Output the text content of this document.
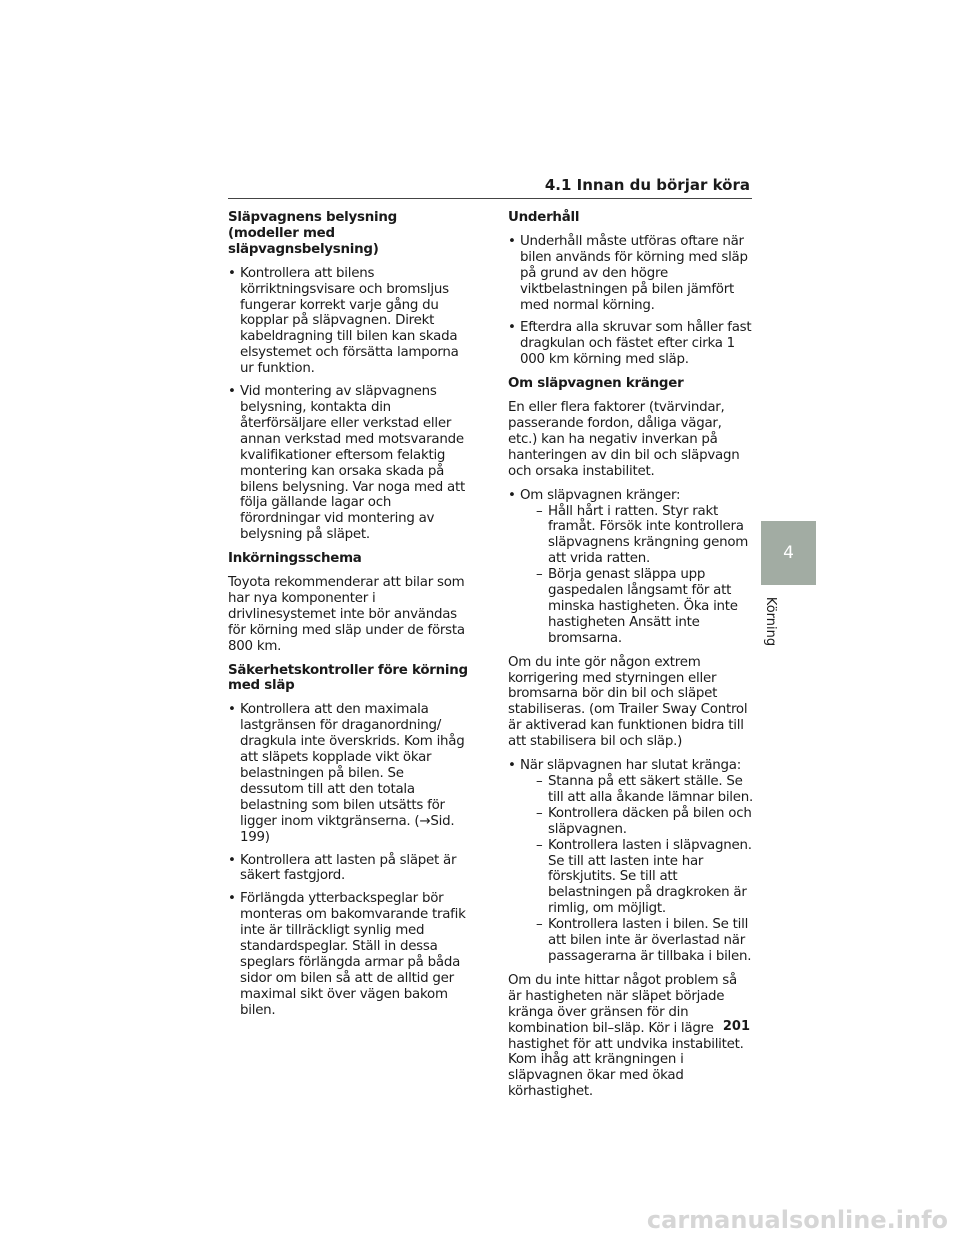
4.1 Innan du börjar köra
Släpvagnens belysning (modeller med släpvagnsbelysning)
• Kontrollera att bilens körriktningsvisare och bromsljus fungerar korrekt varje gång du kopplar på släpvagnen. Direkt kabeldragning till bilen kan skada elsystemet och försätta lamporna ur funktion.
• Vid montering av släpvagnens belysning, kontakta din återförsäljare eller verkstad eller annan verkstad med motsvarande kvalifikationer eftersom felaktig montering kan orsaka skada på bilens belysning. Var noga med att följa gällande lagar och förordningar vid montering av belysning på släpet.
Inkörningsschema

Toyota rekommenderar att bilar som har nya komponenter i drivlinesystemet inte bör användas för körning med släp under de första 800 km.

Säkerhetskontroller före körning med släp
• Kontrollera att den maximala lastgränsen för draganordning/ dragkula inte överskrids. Kom ihåg att släpets kopplade vikt ökar belastningen på bilen. Se dessutom till att den totala belastning som bilen utsätts för ligger inom viktgränserna. (→Sid. 199)
• Kontrollera att lasten på släpet är säkert fastgjord.
• Förlängda ytterbackspeglar bör monteras om bakomvarande trafik inte är tillräckligt synlig med standardspeglar. Ställ in dessa speglars förlängda armar på båda sidor om bilen så att de alltid ger maximal sikt över vägen bakom bilen.
Underhåll
• Underhåll måste utföras oftare när bilen används för körning med släp på grund av den högre viktbelastningen på bilen jämfört med normal körning.
• Efterdra alla skruvar som håller fast dragkulan och fästet efter cirka 1 000 km körning med släp.
Om släpvagnen kränger

En eller flera faktorer (tvärvindar, passerande fordon, dåliga vägar, etc.) kan ha negativ inverkan på hanteringen av din bil och släpvagn och orsaka instabilitet.

• Om släpvagnen kränger:
– Håll hårt i ratten. Styr rakt framåt. Försök inte kontrollera släpvagnens krängning genom att vrida ratten.
– Börja genast släppa upp gaspedalen långsamt för att minska hastigheten. Öka inte hastigheten Ansätt inte bromsarna.

Om du inte gör någon extrem korrigering med styrningen eller bromsarna bör din bil och släpet stabiliseras. (om Trailer Sway Control är aktiverad kan funktionen bidra till att stabilisera bil och släp.)

• När släpvagnen har slutat kränga:
– Stanna på ett säkert ställe. Se till att alla åkande lämnar bilen.
– Kontrollera däcken på bilen och släpvagnen.
– Kontrollera lasten i släpvagnen. Se till att lasten inte har förskjutits. Se till att belastningen på dragkroken är rimlig, om möjligt.
– Kontrollera lasten i bilen. Se till att bilen inte är överlastad när passagerarna är tillbaka i bilen.

Om du inte hittar något problem så är hastigheten när släpet började kränga över gränsen för din kombination bil–släp. Kör i lägre hastighet för att undvika instabilitet. Kom ihåg att krängningen i släpvagnen ökar med ökad körhastighet.

4
Körning
201
carmanualsonline.info
